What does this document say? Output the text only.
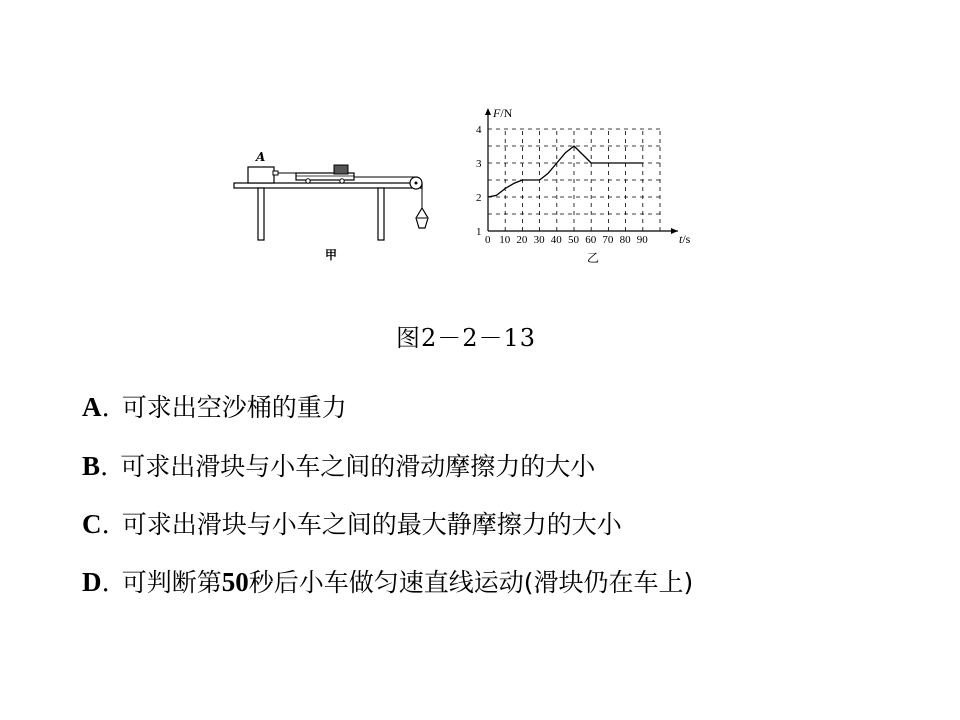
A
甲
1
2
3
4
0 10 20 30 40 50 60 70 80 90
F/N
t/s
乙
图2－2－13
A. 可求出空沙桶的重力
B. 可求出滑块与小车之间的滑动摩擦力的大小
C. 可求出滑块与小车之间的最大静摩擦力的大小
D. 可判断第50秒后小车做匀速直线运动(滑块仍在车上)
